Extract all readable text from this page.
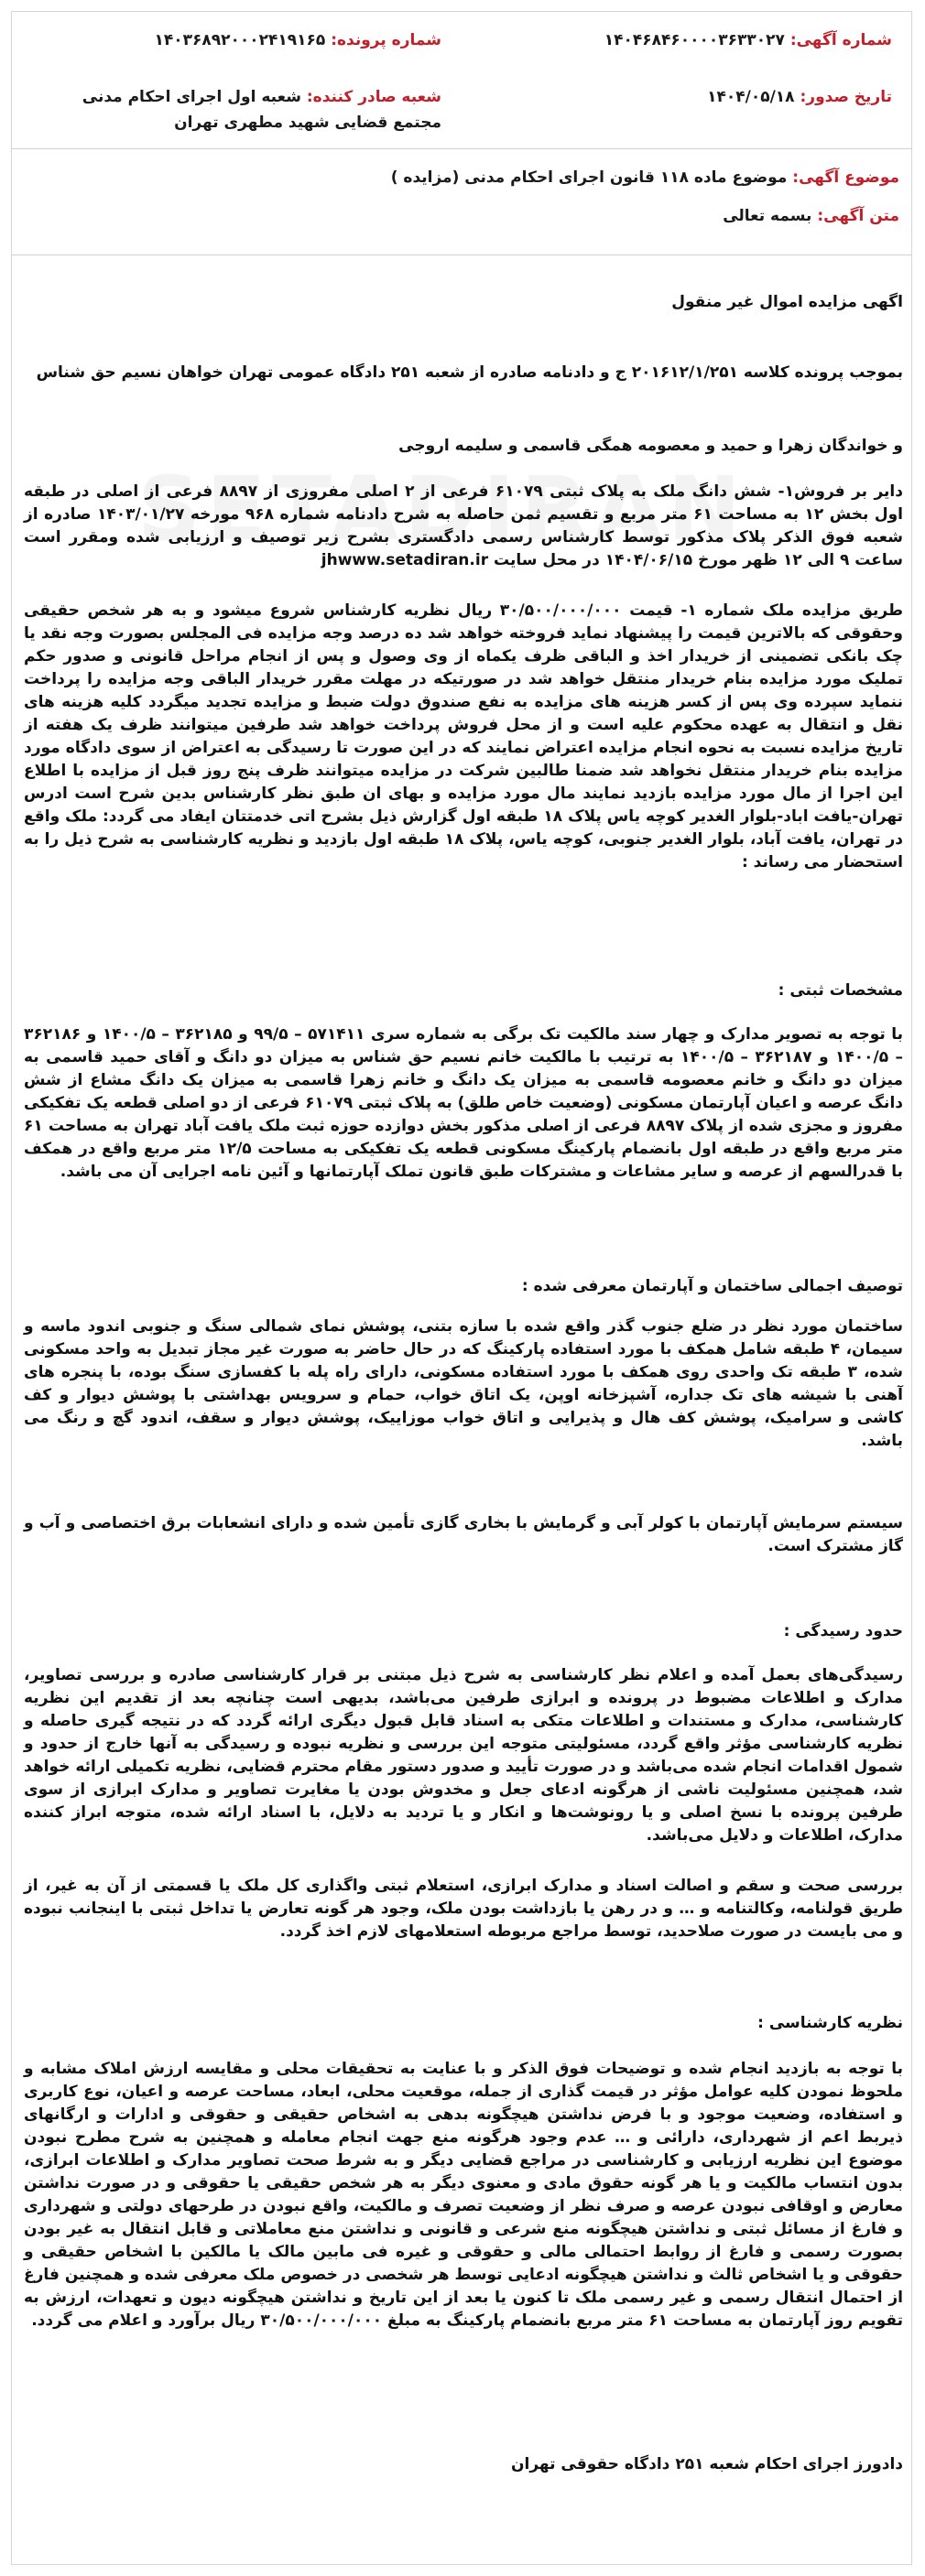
شماره آگهی: ۱۴۰۴۶۸۴۶۰۰۰۰۳۶۳۳۰۲۷
شماره پرونده: ۱۴۰۳۶۸۹۲۰۰۰۲۴۱۹۱۶۵
تاریخ صدور: ۱۴۰۴/۰۵/۱۸
شعبه صادر کننده: شعبه اول اجرای احکام مدنی مجتمع قضایی شهید مطهری تهران
موضوع آگهی: موضوع ماده ۱۱۸ قانون اجرای احکام مدنی (مزایده )
متن آگهی: بسمه تعالی
اگهی مزایده اموال غیر منقول
بموجب پرونده کلاسه ۲۰۱۶۱۲/۱/۲۵۱ ج و دادنامه صادره از شعبه ۲۵۱ دادگاه عمومی تهران خواهان نسیم حق شناس
و خواندگان زهرا و حمید و معصومه همگی قاسمی و سلیمه اروجی
دایر بر فروش۱- شش دانگ ملک به پلاک ثبتی ۶۱۰۷۹ فرعی از ۲ اصلی مفروزی از ۸۸۹۷ فرعی از اصلی در طبقه اول بخش ۱۲ به مساحت ۶۱ متر مربع و تقسیم ثمن حاصله به شرح دادنامه شماره ۹۶۸ مورخه ۱۴۰۳/۰۱/۲۷ صادره از شعبه فوق الذکر پلاک مذکور توسط کارشناس رسمی دادگستری بشرح زیر توصیف و ارزیابی شده ومقرر است ساعت ۹ الی ۱۲ ظهر مورخ ۱۴۰۴/۰۶/۱۵ در محل سایت jhwww.setadiran.ir
طریق مزایده ملک شماره ۱- قیمت ۳۰/۵۰۰/۰۰۰/۰۰۰ ریال نظریه کارشناس شروع میشود و به هر شخص حقیقی وحقوقی که بالاترین قیمت را پیشنهاد نماید فروخته خواهد شد ده درصد وجه مزایده فی المجلس بصورت وجه نقد یا چک بانکی تضمینی از خریدار اخذ و الباقی ظرف یکماه از وی وصول و پس از انجام مراحل قانونی و صدور حکم تملیک مورد مزایده بنام خریدار منتقل خواهد شد در صورتیکه در مهلت مقرر خریدار الباقی وجه مزایده را پرداخت ننماید سپرده وی پس از کسر هزینه های مزایده به نفع صندوق دولت ضبط و مزایده تجدید میگردد کلیه هزینه های نقل و انتقال به عهده محکوم علیه است و از محل فروش پرداخت خواهد شد طرفین میتوانند ظرف یک هفته از تاریخ مزایده نسبت به نحوه انجام مزایده اعتراض نمایند که در این صورت تا رسیدگی به اعتراض از سوی دادگاه مورد مزایده بنام خریدار منتقل نخواهد شد ضمنا طالبین شرکت در مزایده میتوانند ظرف پنج روز قبل از مزایده با اطلاع این اجرا از مال مورد مزایده بازدید نمایند مال مورد مزایده و بهای ان طبق نظر کارشناس بدین شرح است ادرس تهران-یافت اباد-بلوار الغدیر کوچه یاس پلاک ۱۸ طبقه اول گزارش ذیل بشرح اتی خدمتتان ایفاد می گردد: ملک واقع در تهران، یافت آباد، بلوار الغدیر جنوبی، کوچه یاس، پلاک ۱۸ طبقه اول بازدید و نظریه کارشناسی به شرح ذیل را به استحضار می رساند :
مشخصات ثبتی :
با توجه به تصویر مدارک و چهار سند مالکیت تک برگی به شماره سری ۵۷۱۴۱۱ – ۹۹/۵ و ۳۶۲۱۸۵ – ۱۴۰۰/۵ و ۳۶۲۱۸۶ – ۱۴۰۰/۵ و ۳۶۲۱۸۷ – ۱۴۰۰/۵ به ترتیب با مالکیت خانم نسیم حق شناس به میزان دو دانگ و آقای حمید قاسمی به میزان دو دانگ و خانم معصومه قاسمی به میزان یک دانگ و خانم زهرا قاسمی به میزان یک دانگ مشاع از شش دانگ عرصه و اعیان آپارتمان مسکونی (وضعیت خاص طلق) به پلاک ثبتی ۶۱۰۷۹ فرعی از دو اصلی قطعه یک تفکیکی مفروز و مجزی شده از پلاک ۸۸۹۷ فرعی از اصلی مذکور بخش دوازده حوزه ثبت ملک یافت آباد تهران به مساحت ۶۱ متر مربع واقع در طبقه اول بانضمام پارکینگ مسکونی قطعه یک تفکیکی به مساحت ۱۲/۵ متر مربع واقع در همکف با قدرالسهم از عرصه و سایر مشاعات و مشترکات طبق قانون تملک آپارتمانها و آئین نامه اجرایی آن می باشد.
توصیف اجمالی ساختمان و آپارتمان معرفی شده :
ساختمان مورد نظر در ضلع جنوب گذر واقع شده با سازه بتنی، پوشش نمای شمالی سنگ و جنوبی اندود ماسه و سیمان، ۴ طبقه شامل همکف با مورد استفاده پارکینگ که در حال حاضر به صورت غیر مجاز تبدیل به واحد مسکونی شده، ۳ طبقه تک واحدی روی همکف با مورد استفاده مسکونی، دارای راه پله با کفسازی سنگ بوده، با پنجره های آهنی با شیشه های تک جداره، آشپزخانه اوپن، یک اتاق خواب، حمام و سرویس بهداشتی با پوشش دیوار و کف کاشی و سرامیک، پوشش کف هال و پذیرایی و اتاق خواب موزاییک، پوشش دیوار و سقف، اندود گچ و رنگ می باشد.
سیستم سرمایش آپارتمان با کولر آبی و گرمایش با بخاری گازی تأمین شده و دارای انشعابات برق اختصاصی و آب و گاز مشترک است.
حدود رسیدگی :
رسیدگی‌های بعمل آمده و اعلام نظر کارشناسی به شرح ذیل مبتنی بر قرار کارشناسی صادره و بررسی تصاویر، مدارک و اطلاعات مضبوط در پرونده و ابرازی طرفین می‌باشد، بدیهی است چنانچه بعد از تقدیم این نظریه کارشناسی، مدارک و مستندات و اطلاعات متکی به اسناد قابل قبول دیگری ارائه گردد که در نتیجه گیری حاصله و نظریه کارشناسی مؤثر واقع گردد، مسئولیتی متوجه این بررسی و نظریه نبوده و رسیدگی به آنها خارج از حدود و شمول اقدامات انجام شده می‌باشد و در صورت تأیید و صدور دستور مقام محترم قضایی، نظریه تکمیلی ارائه خواهد شد، همچنین مسئولیت ناشی از هرگونه ادعای جعل و مخدوش بودن یا مغایرت تصاویر و مدارک ابرازی از سوی طرفین پرونده با نسخ اصلی و یا رونوشت‌ها و انکار و یا تردید به دلایل، با اسناد ارائه شده، متوجه ابراز کننده مدارک، اطلاعات و دلایل می‌باشد.
بررسی صحت و سقم و اصالت اسناد و مدارک ابرازی، استعلام ثبتی واگذاری کل ملک یا قسمتی از آن به غیر، از طریق قولنامه، وکالتنامه و … و در رهن یا بازداشت بودن ملک، وجود هر گونه تعارض یا تداخل ثبتی با اینجانب نبوده و می بایست در صورت صلاحدید، توسط مراجع مربوطه استعلامهای لازم اخذ گردد.
نظریه کارشناسی :
با توجه به بازدید انجام شده و توضیحات فوق الذکر و با عنایت به تحقیقات محلی و مقایسه ارزش املاک مشابه و ملحوظ نمودن کلیه عوامل مؤثر در قیمت گذاری از جمله، موقعیت محلی، ابعاد، مساحت عرصه و اعیان، نوع کاربری و استفاده، وضعیت موجود و با فرض نداشتن هیچگونه بدهی به اشخاص حقیقی و حقوقی و ادارات و ارگانهای ذیربط اعم از شهرداری، دارائی و … عدم وجود هرگونه منع جهت انجام معامله و همچنین به شرح مطرح نبودن موضوع این نظریه ارزیابی و کارشناسی در مراجع قضایی دیگر و به شرط صحت تصاویر مدارک و اطلاعات ابرازی، بدون انتساب مالکیت و یا هر گونه حقوق مادی و معنوی دیگر به هر شخص حقیقی یا حقوقی و در صورت نداشتن معارض و اوقافی نبودن عرصه و صرف نظر از وضعیت تصرف و مالکیت، واقع نبودن در طرحهای دولتی و شهرداری و فارغ از مسائل ثبتی و نداشتن هیچگونه منع شرعی و قانونی و نداشتن منع معاملاتی و قابل انتقال به غیر بودن بصورت رسمی و فارغ از روابط احتمالی مالی و حقوقی و غیره فی مابین مالک یا مالکین با اشخاص حقیقی و حقوقی و یا اشخاص ثالث و نداشتن هیچگونه ادعایی توسط هر شخصی در خصوص ملک معرفی شده و همچنین فارغ از احتمال انتقال رسمی و غیر رسمی ملک تا کنون یا بعد از این تاریخ و نداشتن هیچگونه دیون و تعهدات، ارزش به تقویم روز آپارتمان به مساحت ۶۱ متر مربع بانضمام پارکینگ به مبلغ ۳۰/۵۰۰/۰۰۰/۰۰۰ ریال برآورد و اعلام می گردد.
دادورز اجرای احکام شعبه ۲۵۱ دادگاه حقوقی تهران
